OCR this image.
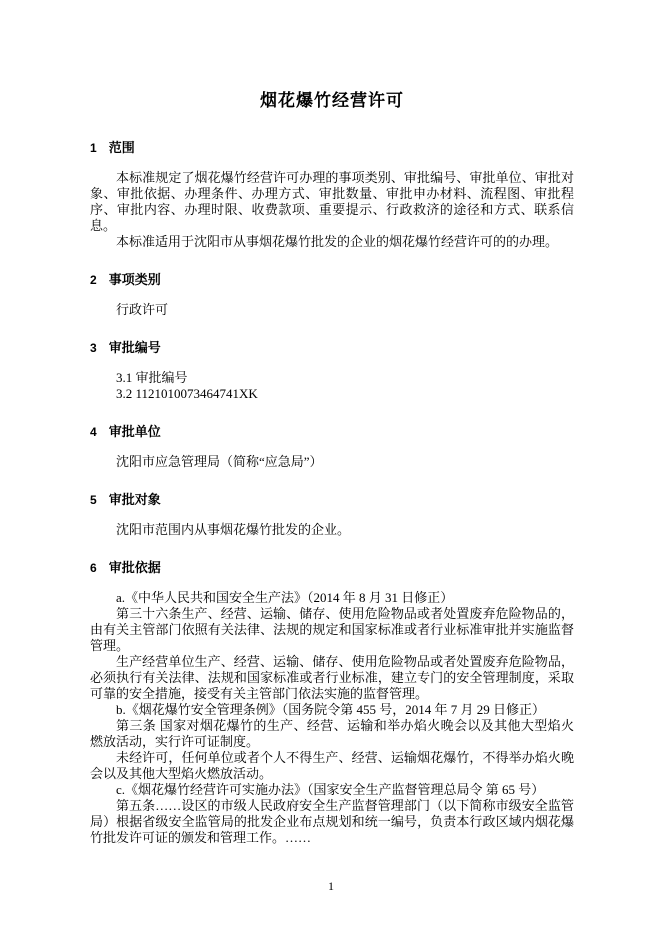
烟花爆竹经营许可
1 范围

本标准规定了烟花爆竹经营许可办理的事项类别、审批编号、审批单位、审批对象、审批依据、办理条件、办理方式、审批数量、审批申办材料、流程图、审批程序、审批内容、办理时限、收费款项、重要提示、行政救济的途径和方式、联系信息。

本标准适用于沈阳市从事烟花爆竹批发的企业的烟花爆竹经营许可的的办理。

2 事项类别

行政许可

3 审批编号

3.1 审批编号

3.2 1121010073464741XK

4 审批单位

沈阳市应急管理局（简称“应急局”）

5 审批对象

沈阳市范围内从事烟花爆竹批发的企业。

6 审批依据

a.《中华人民共和国安全生产法》（2014 年 8 月 31 日修正）

第三十六条生产、经营、运输、储存、使用危险物品或者处置废弃危险物品的，由有关主管部门依照有关法律、法规的规定和国家标准或者行业标准审批并实施监督管理。

生产经营单位生产、经营、运输、储存、使用危险物品或者处置废弃危险物品，必须执行有关法律、法规和国家标准或者行业标准，建立专门的安全管理制度，采取可靠的安全措施，接受有关主管部门依法实施的监督管理。

b.《烟花爆竹安全管理条例》（国务院令第 455 号，2014 年 7 月 29 日修正）

第三条 国家对烟花爆竹的生产、经营、运输和举办焰火晚会以及其他大型焰火燃放活动，实行许可证制度。

未经许可，任何单位或者个人不得生产、经营、运输烟花爆竹，不得举办焰火晚会以及其他大型焰火燃放活动。

c.《烟花爆竹经营许可实施办法》（国家安全生产监督管理总局令 第 65 号）

第五条……设区的市级人民政府安全生产监督管理部门（以下简称市级安全监管局）根据省级安全监管局的批发企业布点规划和统一编号，负责本行政区域内烟花爆竹批发许可证的颁发和管理工作。……

1
